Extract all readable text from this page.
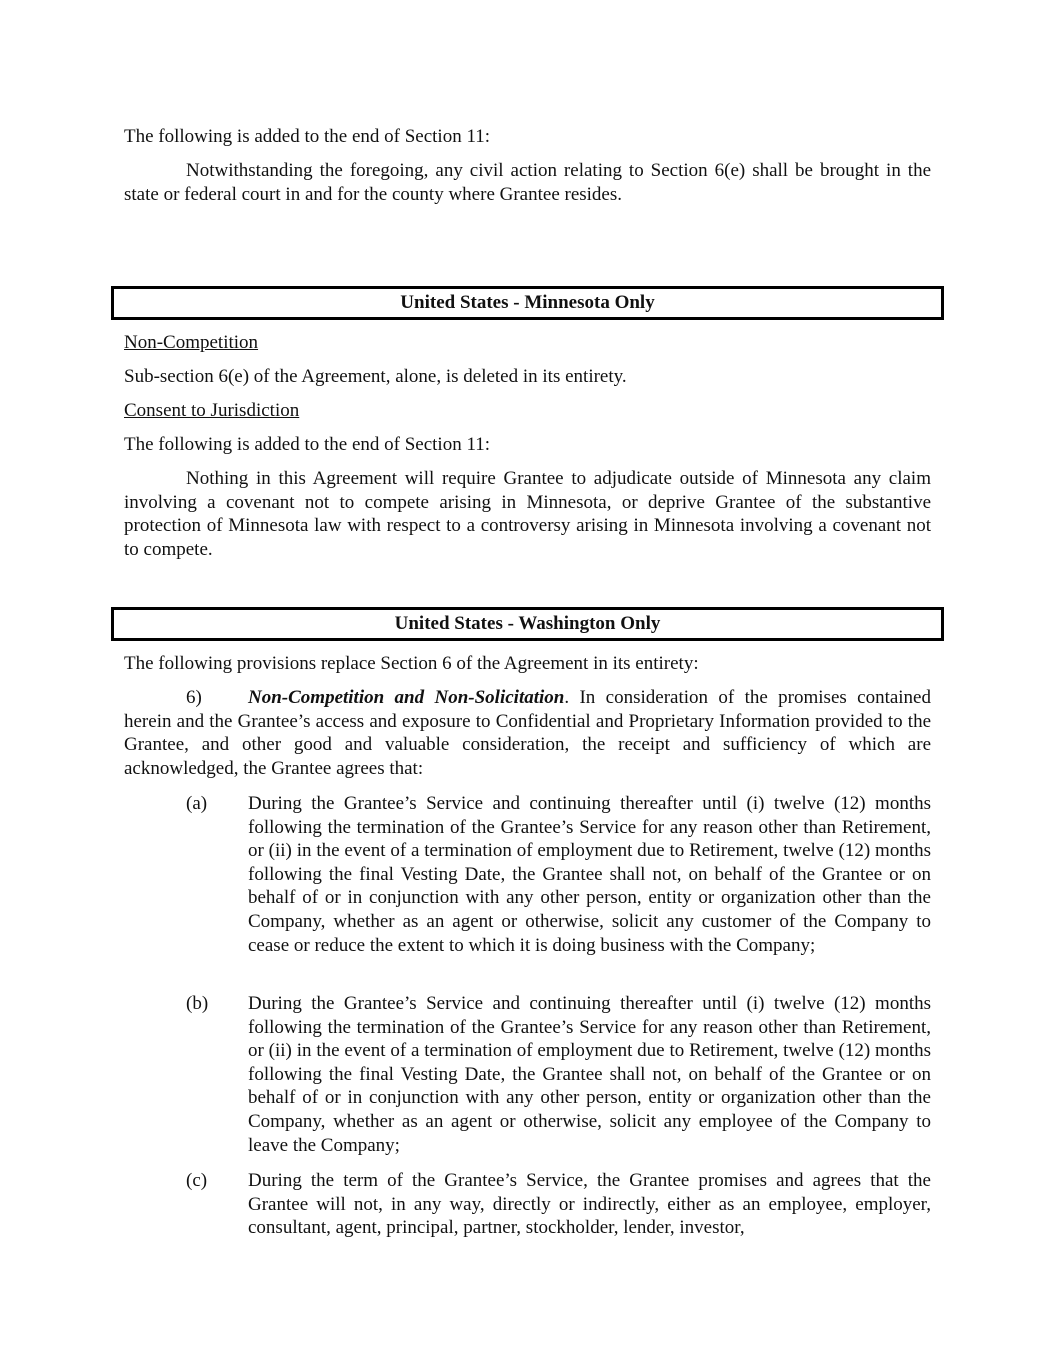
The following is added to the end of Section 11:

Notwithstanding the foregoing, any civil action relating to Section 6(e) shall be brought in the state or federal court in and for the county where Grantee resides.

United States - Minnesota Only

Non-Competition

Sub-section 6(e) of the Agreement, alone, is deleted in its entirety.

Consent to Jurisdiction

The following is added to the end of Section 11:

Nothing in this Agreement will require Grantee to adjudicate outside of Minnesota any claim involving a covenant not to compete arising in Minnesota, or deprive Grantee of the substantive protection of Minnesota law with respect to a controversy arising in Minnesota involving a covenant not to compete.

United States - Washington Only

The following provisions replace Section 6 of the Agreement in its entirety:

6) Non-Competition and Non-Solicitation. In consideration of the promises contained herein and the Grantee’s access and exposure to Confidential and Proprietary Information provided to the Grantee, and other good and valuable consideration, the receipt and sufficiency of which are acknowledged, the Grantee agrees that:

(a) During the Grantee’s Service and continuing thereafter until (i) twelve (12) months following the termination of the Grantee’s Service for any reason other than Retirement, or (ii) in the event of a termination of employment due to Retirement, twelve (12) months following the final Vesting Date, the Grantee shall not, on behalf of the Grantee or on behalf of or in conjunction with any other person, entity or organization other than the Company, whether as an agent or otherwise, solicit any customer of the Company to cease or reduce the extent to which it is doing business with the Company;

(b) During the Grantee’s Service and continuing thereafter until (i) twelve (12) months following the termination of the Grantee’s Service for any reason other than Retirement, or (ii) in the event of a termination of employment due to Retirement, twelve (12) months following the final Vesting Date, the Grantee shall not, on behalf of the Grantee or on behalf of or in conjunction with any other person, entity or organization other than the Company, whether as an agent or otherwise, solicit any employee of the Company to leave the Company;

(c) During the term of the Grantee’s Service, the Grantee promises and agrees that the Grantee will not, in any way, directly or indirectly, either as an employee, employer, consultant, agent, principal, partner, stockholder, lender, investor,
